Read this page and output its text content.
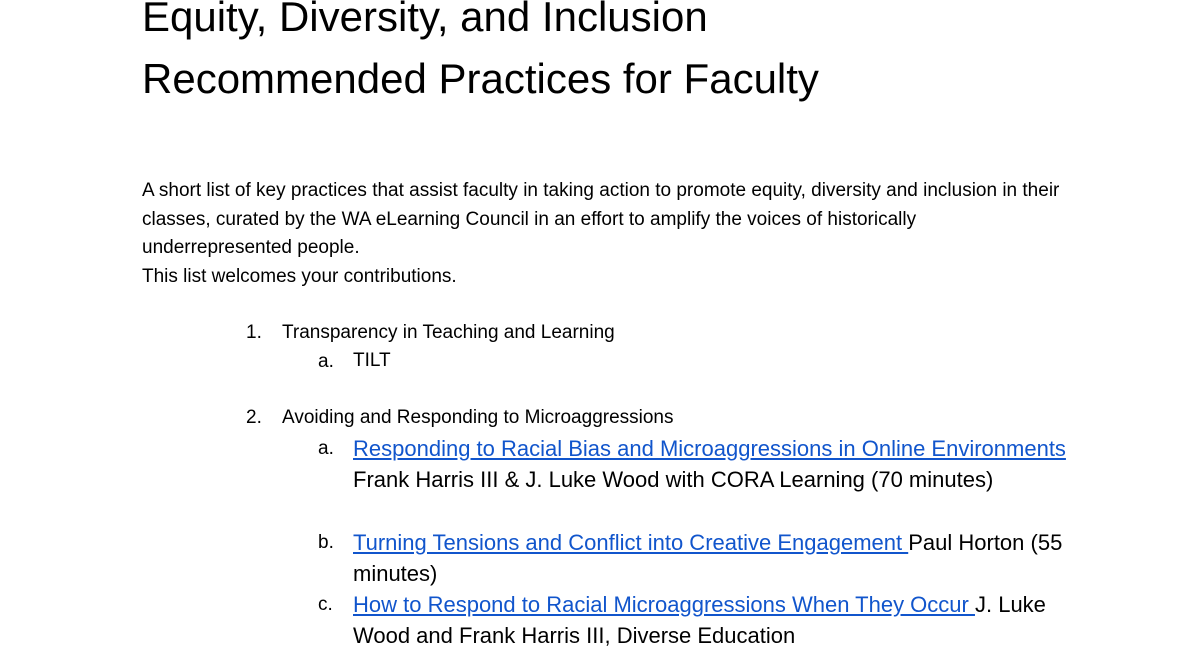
Equity, Diversity, and Inclusion
Recommended Practices for Faculty

A short list of key practices that assist faculty in taking action to promote equity, diversity and inclusion in their classes, curated by the WA eLearning Council in an effort to amplify the voices of historically underrepresented people.

This list welcomes your contributions.

1. Transparency in Teaching and Learning
a. TILT
2. Avoiding and Responding to Microaggressions
a. Responding to Racial Bias and Microaggressions in Online Environments Frank Harris III & J. Luke Wood with CORA Learning (70 minutes)
b. Turning Tensions and Conflict into Creative Engagement Paul Horton (55 minutes)
c. How to Respond to Racial Microaggressions When They Occur J. Luke Wood and Frank Harris III, Diverse Education
